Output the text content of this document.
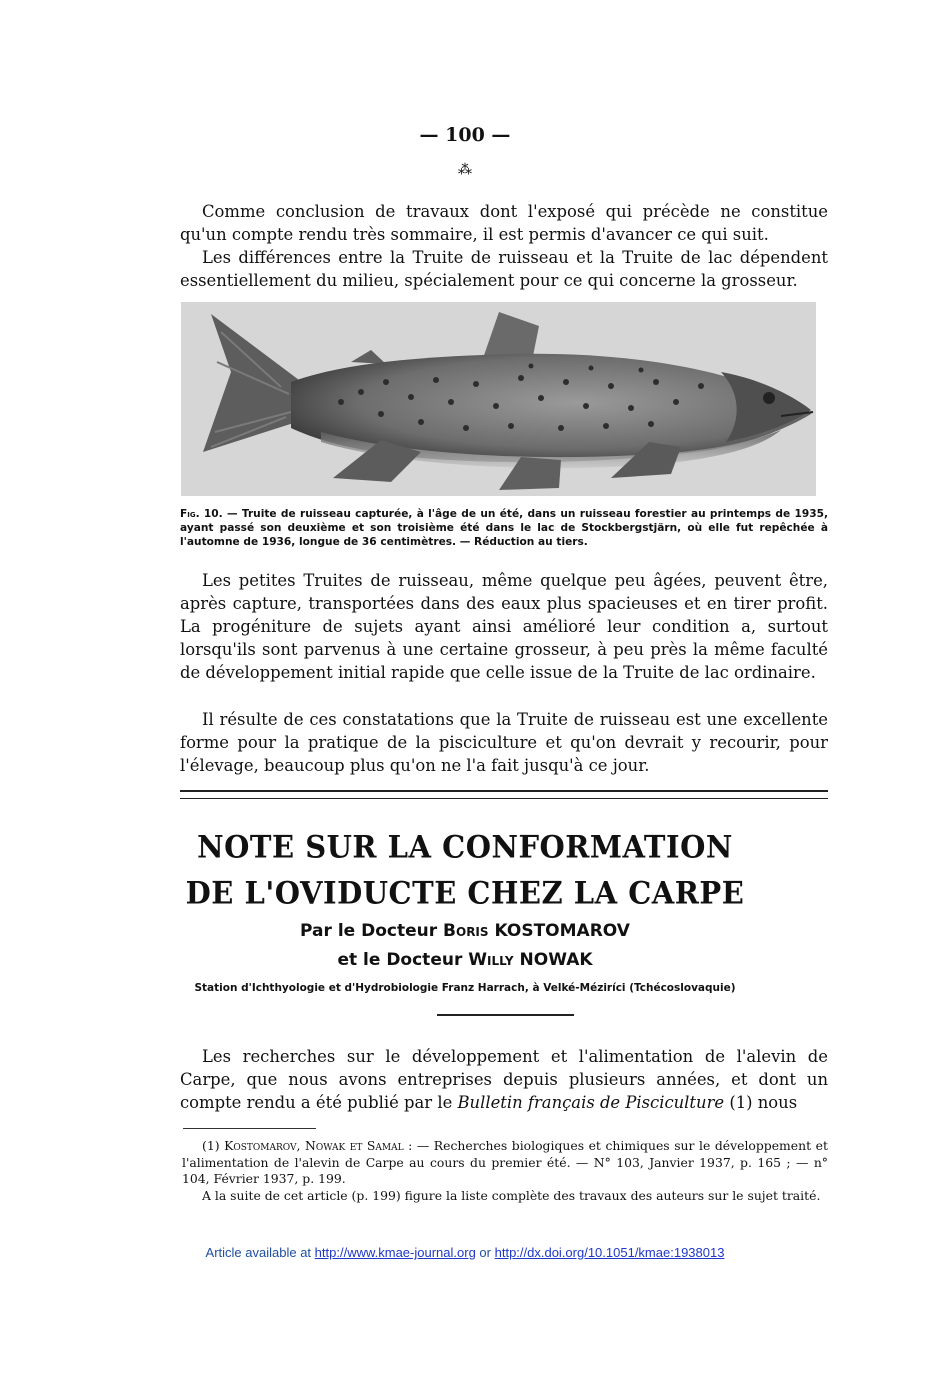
— 100 —
⁂
Comme conclusion de travaux dont l'exposé qui précède ne constitue qu'un compte rendu très sommaire, il est permis d'avancer ce qui suit.
Les différences entre la Truite de ruisseau et la Truite de lac dépendent essentiellement du milieu, spécialement pour ce qui concerne la grosseur.

Fig. 10. — Truite de ruisseau capturée, à l'âge de un été, dans un ruisseau forestier au printemps de 1935, ayant passé son deuxième et son troisième été dans le lac de Stockbergstjärn, où elle fut repêchée à l'automne de 1936, longue de 36 centimètres. — Réduction au tiers.

Les petites Truites de ruisseau, même quelque peu âgées, peuvent être, après capture, transportées dans des eaux plus spacieuses et en tirer profit. La progéniture de sujets ayant ainsi amélioré leur condition a, surtout lorsqu'ils sont parvenus à une certaine grosseur, à peu près la même faculté de développement initial rapide que celle issue de la Truite de lac ordinaire.
Il résulte de ces constatations que la Truite de ruisseau est une excellente forme pour la pratique de la pisciculture et qu'on devrait y recourir, pour l'élevage, beaucoup plus qu'on ne l'a fait jusqu'à ce jour.
NOTE SUR LA CONFORMATION
DE L'OVIDUCTE CHEZ LA CARPE
Par le Docteur Boris KOSTOMAROV
et le Docteur Willy NOWAK
Station d'Ichthyologie et d'Hydrobiologie Franz Harrach, à Velké-Méziríci (Tchécoslovaquie)
Les recherches sur le développement et l'alimentation de l'alevin de Carpe, que nous avons entreprises depuis plusieurs années, et dont un compte rendu a été publié par le Bulletin français de Pisciculture (1) nous
(1) Kostomarov, Nowak et Samal : — Recherches biologiques et chimiques sur le développement et l'alimentation de l'alevin de Carpe au cours du premier été. — N° 103, Janvier 1937, p. 165 ; — n° 104, Février 1937, p. 199.
A la suite de cet article (p. 199) figure la liste complète des travaux des auteurs sur le sujet traité.
Article available at http://www.kmae-journal.org or http://dx.doi.org/10.1051/kmae:1938013
